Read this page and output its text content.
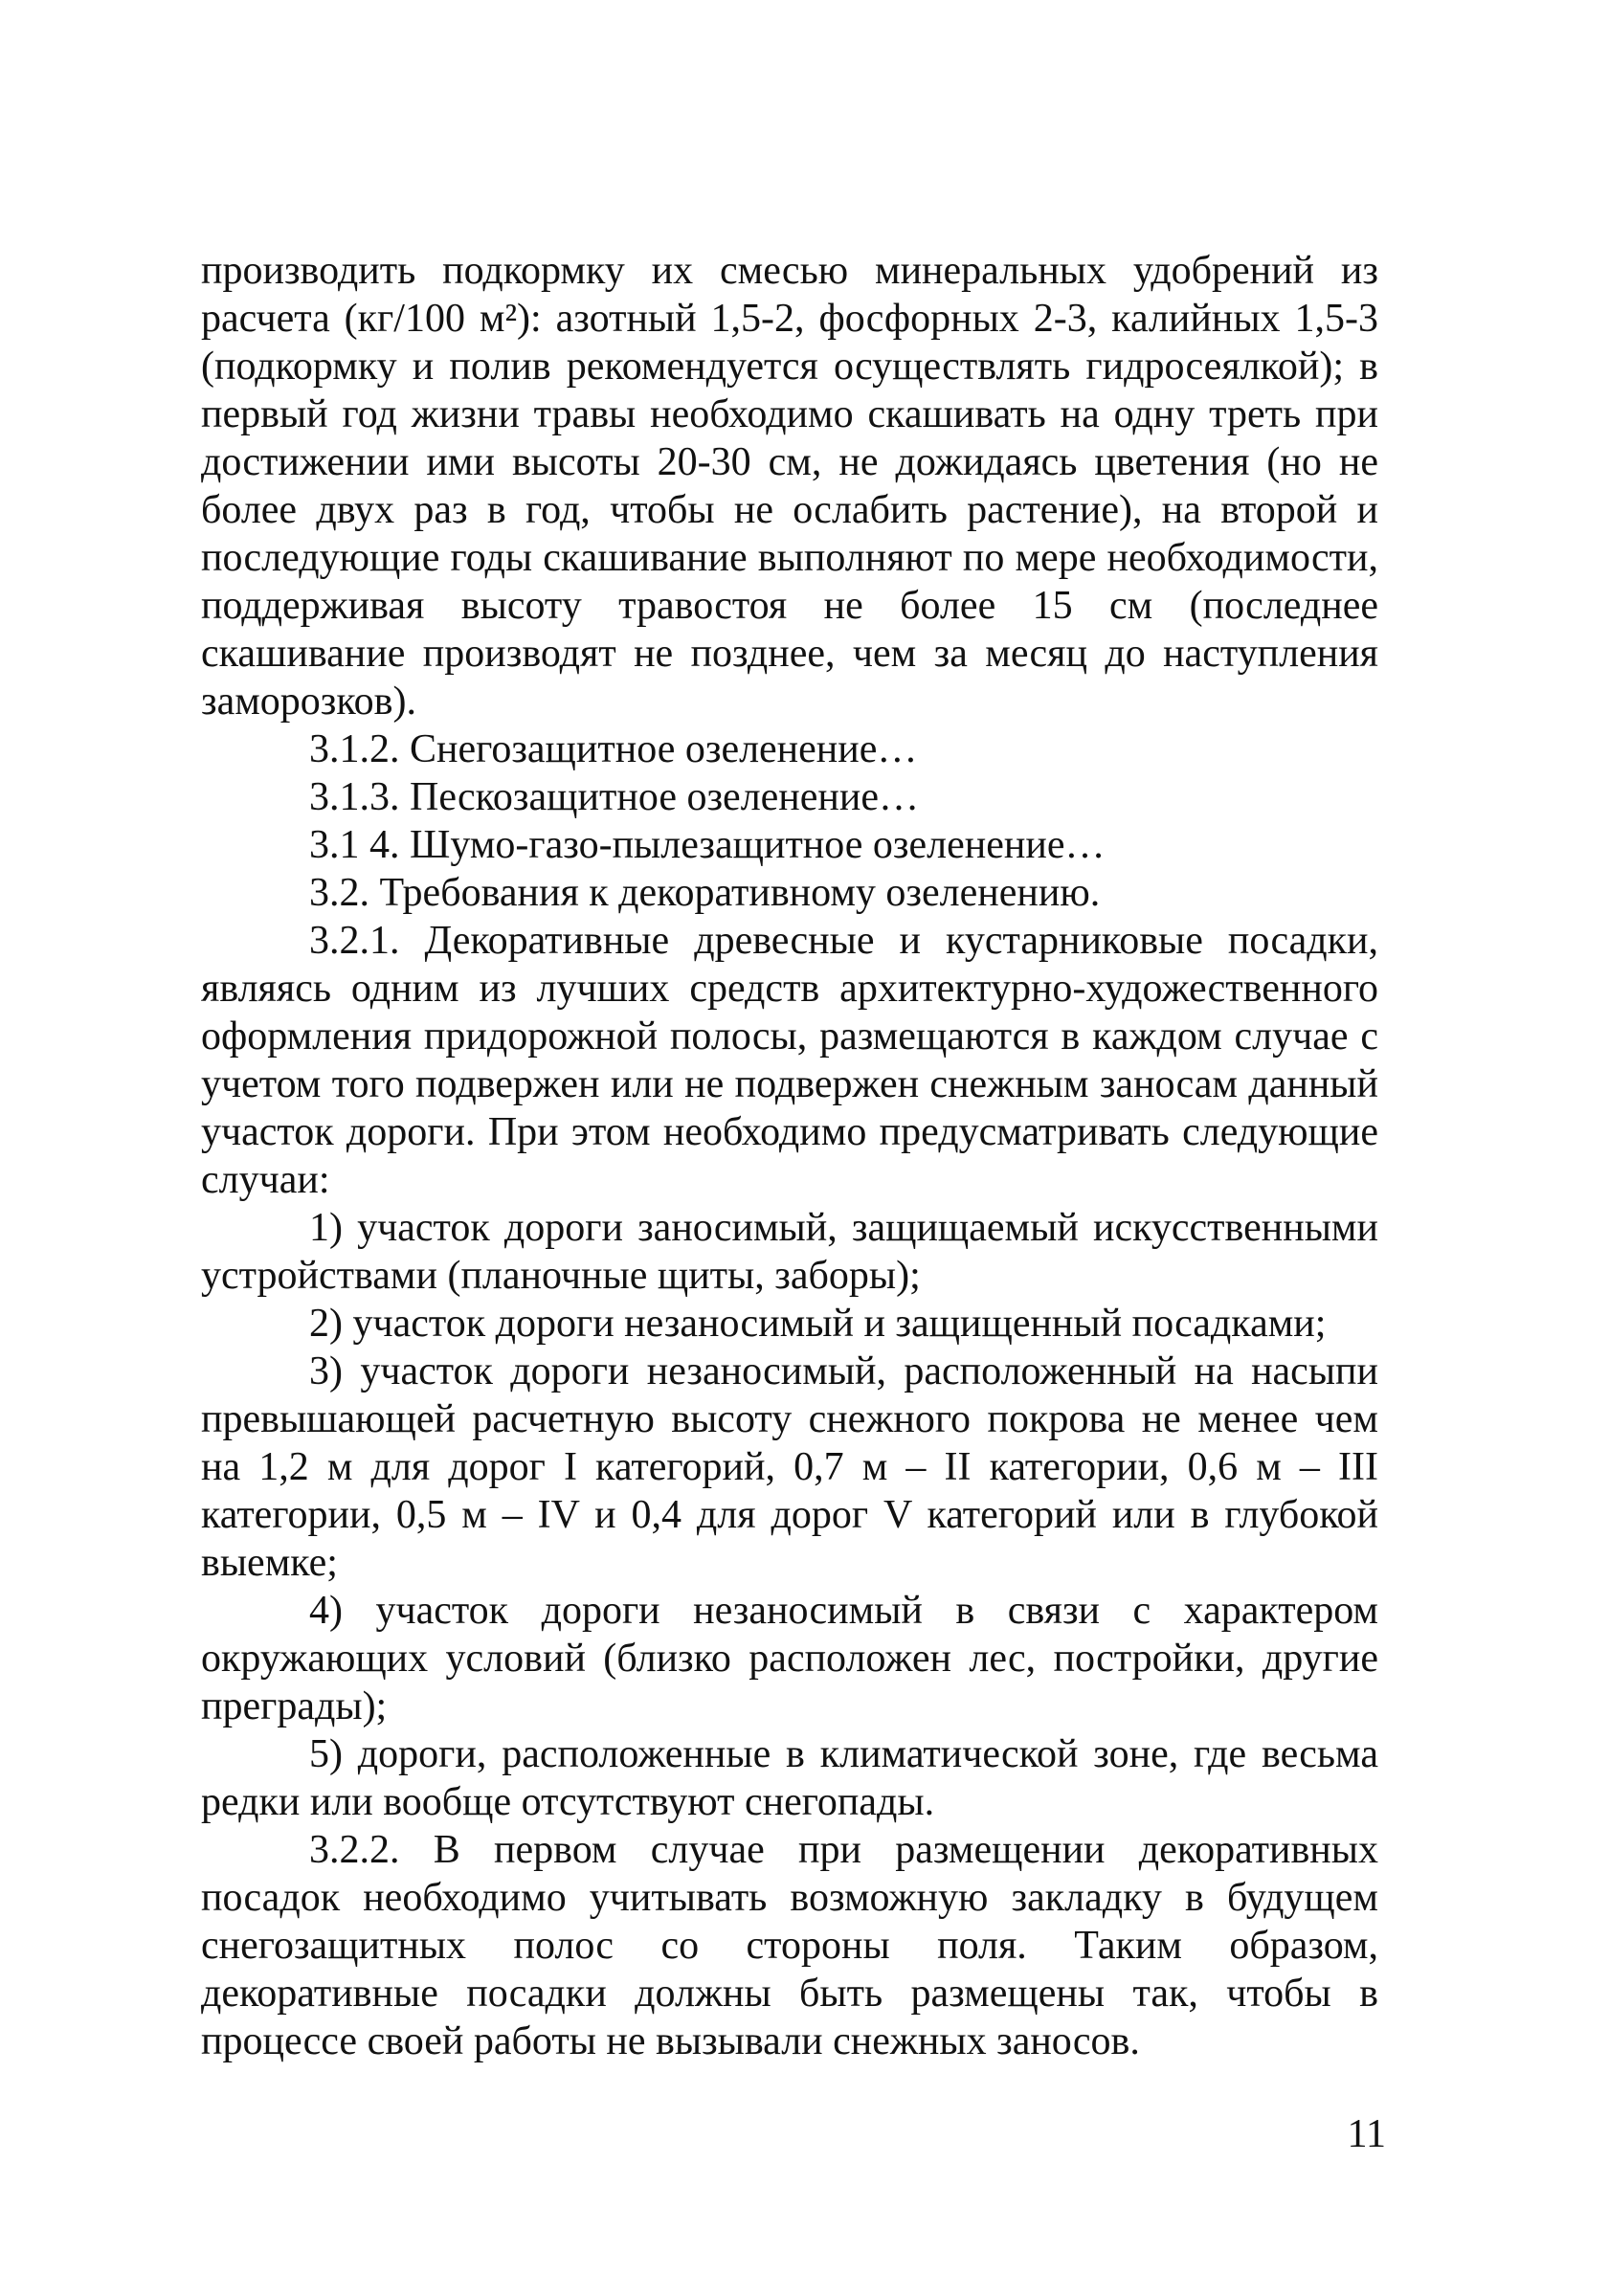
производить подкормку их смесью минеральных удобрений из расчета (кг/100 м²): азотный 1,5-2, фосфорных 2-3, калийных 1,5-3 (подкормку и полив рекомендуется осуществлять гидросеялкой); в первый год жизни травы необходимо скашивать на одну треть при достижении ими высоты 20-30 см, не дожидаясь цветения (но не более двух раз в год, чтобы не ослабить растение), на второй и последующие годы скашивание выполняют по мере необходимости, поддерживая высоту травостоя не более 15 см (последнее скашивание производят не позднее, чем за месяц до наступления заморозков).

3.1.2. Снегозащитное озеленение…

3.1.3. Пескозащитное озеленение…

3.1 4. Шумо-газо-пылезащитное озеленение…

3.2. Требования к декоративному озеленению.

3.2.1. Декоративные древесные и кустарниковые посадки, являясь одним из лучших средств архитектурно-художественного оформления придорожной полосы, размещаются в каждом случае с учетом того подвержен или не подвержен снежным заносам данный участок дороги. При этом необходимо предусматривать следующие случаи:

1) участок дороги заносимый, защищаемый искусственными устройствами (планочные щиты, заборы);

2) участок дороги незаносимый и защищенный посадками;

3) участок дороги незаносимый, расположенный на насыпи превышающей расчетную высоту снежного покрова не менее чем на 1,2 м для дорог I категорий, 0,7 м – II категории, 0,6 м – III категории, 0,5 м – IV и 0,4 для дорог V категорий или в глубокой выемке;

4) участок дороги незаносимый в связи с характером окружающих условий (близко расположен лес, постройки, другие преграды);

5) дороги, расположенные в климатической зоне, где весьма редки или вообще отсутствуют снегопады.

3.2.2. В первом случае при размещении декоративных посадок необходимо учитывать возможную закладку в будущем снегозащитных полос со стороны поля. Таким образом, декоративные посадки должны быть размещены так, чтобы в процессе своей работы не вызывали снежных заносов.

11
